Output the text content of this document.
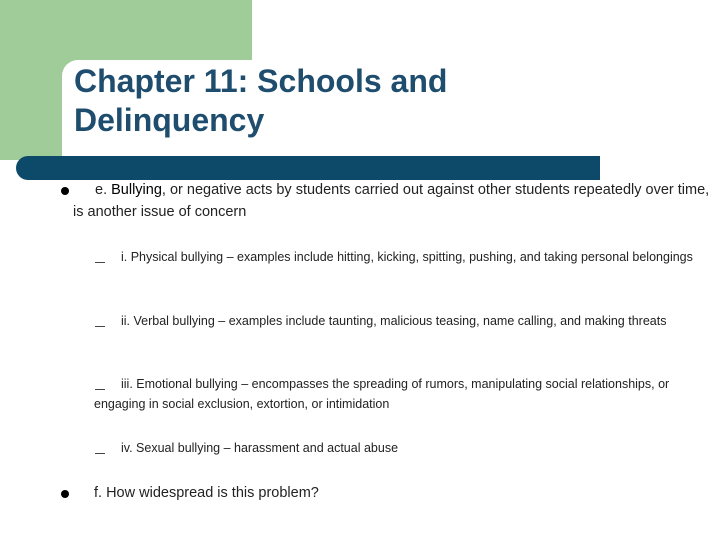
Chapter 11: Schools and Delinquency

e. Bullying, or negative acts by students carried out against other students repeatedly over time, is another issue of concern

i. Physical bullying – examples include hitting, kicking, spitting, pushing, and taking personal belongings

ii. Verbal bullying – examples include taunting, malicious teasing, name calling, and making threats

iii. Emotional bullying – encompasses the spreading of rumors, manipulating social relationships, or engaging in social exclusion, extortion, or intimidation

iv. Sexual bullying – harassment and actual abuse

f. How widespread is this problem?
